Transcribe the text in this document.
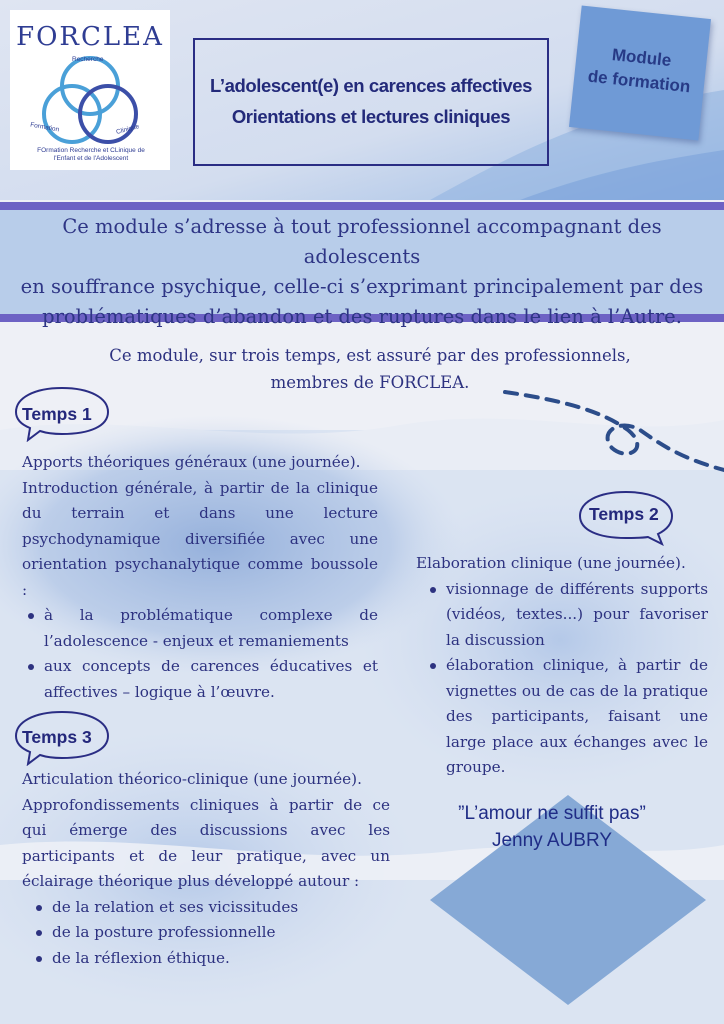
FORCLEA
Recherche
Formation	Clinique
FOrmation Recherche et CLinique de
l'Enfant et de l'Adolescent
L’adolescent(e) en carences affectives
Orientations et lectures cliniques
Module
de formation
Ce module s’adresse à tout professionnel accompagnant des adolescents
en souffrance psychique, celle-ci s’exprimant principalement par des
problématiques d’abandon et des ruptures dans le lien à l’Autre.
Ce module, sur trois temps, est assuré par des professionnels,
membres de FORCLEA.
Temps 1
Apports théoriques généraux (une journée).
Introduction générale, à partir de la clinique du terrain et dans une lecture psychodynamique diversifiée avec une orientation psychanalytique comme boussole :
à la problématique complexe de l’adolescence - enjeux et remaniements
aux concepts de carences éducatives et affectives – logique à l’œuvre.
Temps 2
Elaboration clinique (une journée).
visionnage de différents supports (vidéos, textes...) pour favoriser la discussion
élaboration clinique, à partir de vignettes ou de cas de la pratique des participants, faisant une large place aux échanges avec le groupe.
Temps 3
Articulation théorico-clinique (une journée).
Approfondissements cliniques à partir de ce qui émerge des discussions avec les participants et de leur pratique, avec un éclairage théorique plus développé autour :
de la relation et ses vicissitudes
de la posture professionnelle
de la réflexion éthique.
”L’amour ne suffit pas”
Jenny AUBRY
